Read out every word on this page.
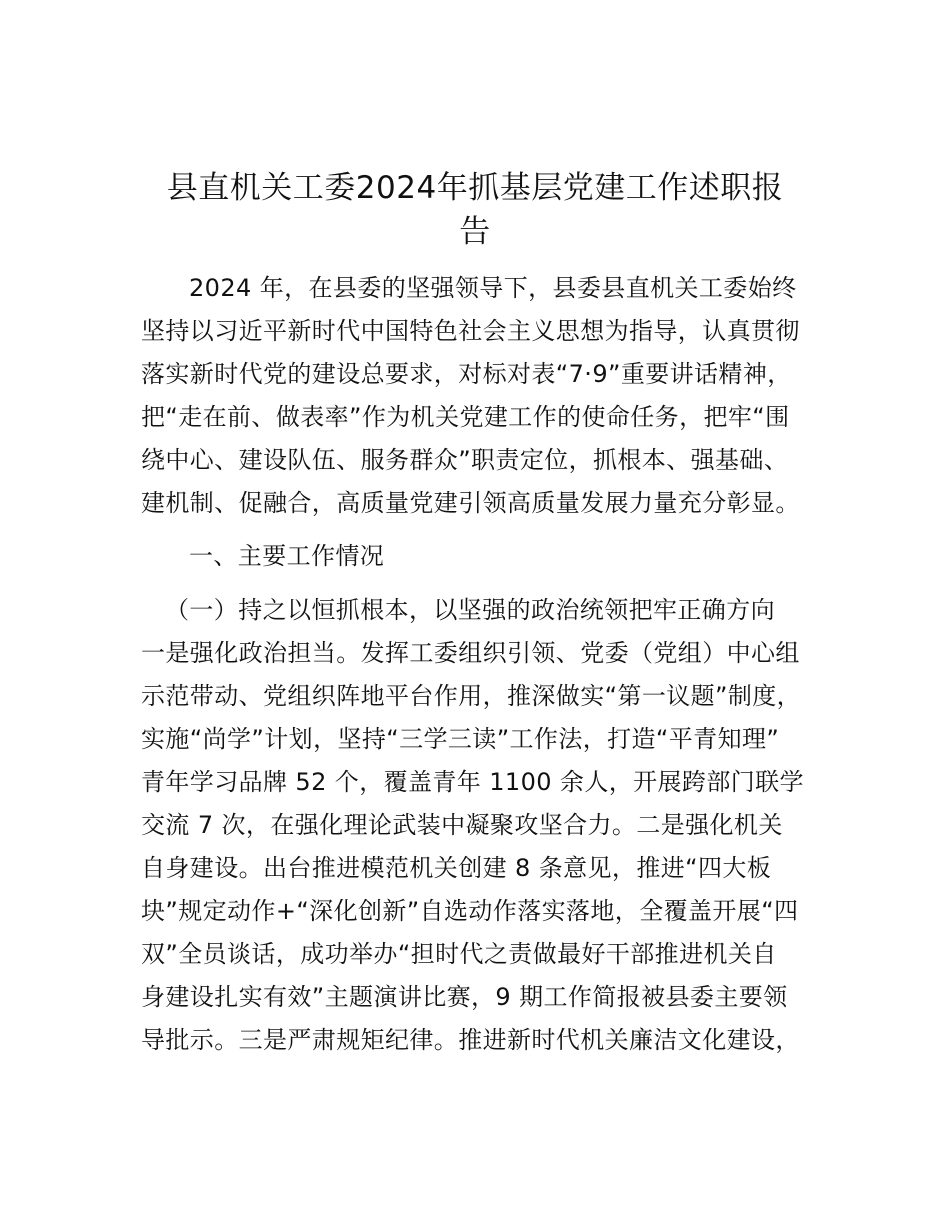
县直机关工委2024年抓基层党建工作述职报
告
2024 年，在县委的坚强领导下，县委县直机关工委始终
坚持以习近平新时代中国特色社会主义思想为指导，认真贯彻
落实新时代党的建设总要求，对标对表“7·9”重要讲话精神，
把“走在前、做表率”作为机关党建工作的使命任务，把牢“围
绕中心、建设队伍、服务群众”职责定位，抓根本、强基础、
建机制、促融合，高质量党建引领高质量发展力量充分彰显。
一、主要工作情况
（一）持之以恒抓根本，以坚强的政治统领把牢正确方向
一是强化政治担当。发挥工委组织引领、党委（党组）中心组
示范带动、党组织阵地平台作用，推深做实“第一议题”制度，
实施“尚学”计划，坚持“三学三读”工作法，打造“平青知理”
青年学习品牌 52 个，覆盖青年 1100 余人，开展跨部门联学
交流 7 次，在强化理论武装中凝聚攻坚合力。二是强化机关
自身建设。出台推进模范机关创建 8 条意见，推进“四大板
块”规定动作+“深化创新”自选动作落实落地，全覆盖开展“四
双”全员谈话，成功举办“担时代之责做最好干部推进机关自
身建设扎实有效”主题演讲比赛，9 期工作简报被县委主要领
导批示。三是严肃规矩纪律。推进新时代机关廉洁文化建设，
